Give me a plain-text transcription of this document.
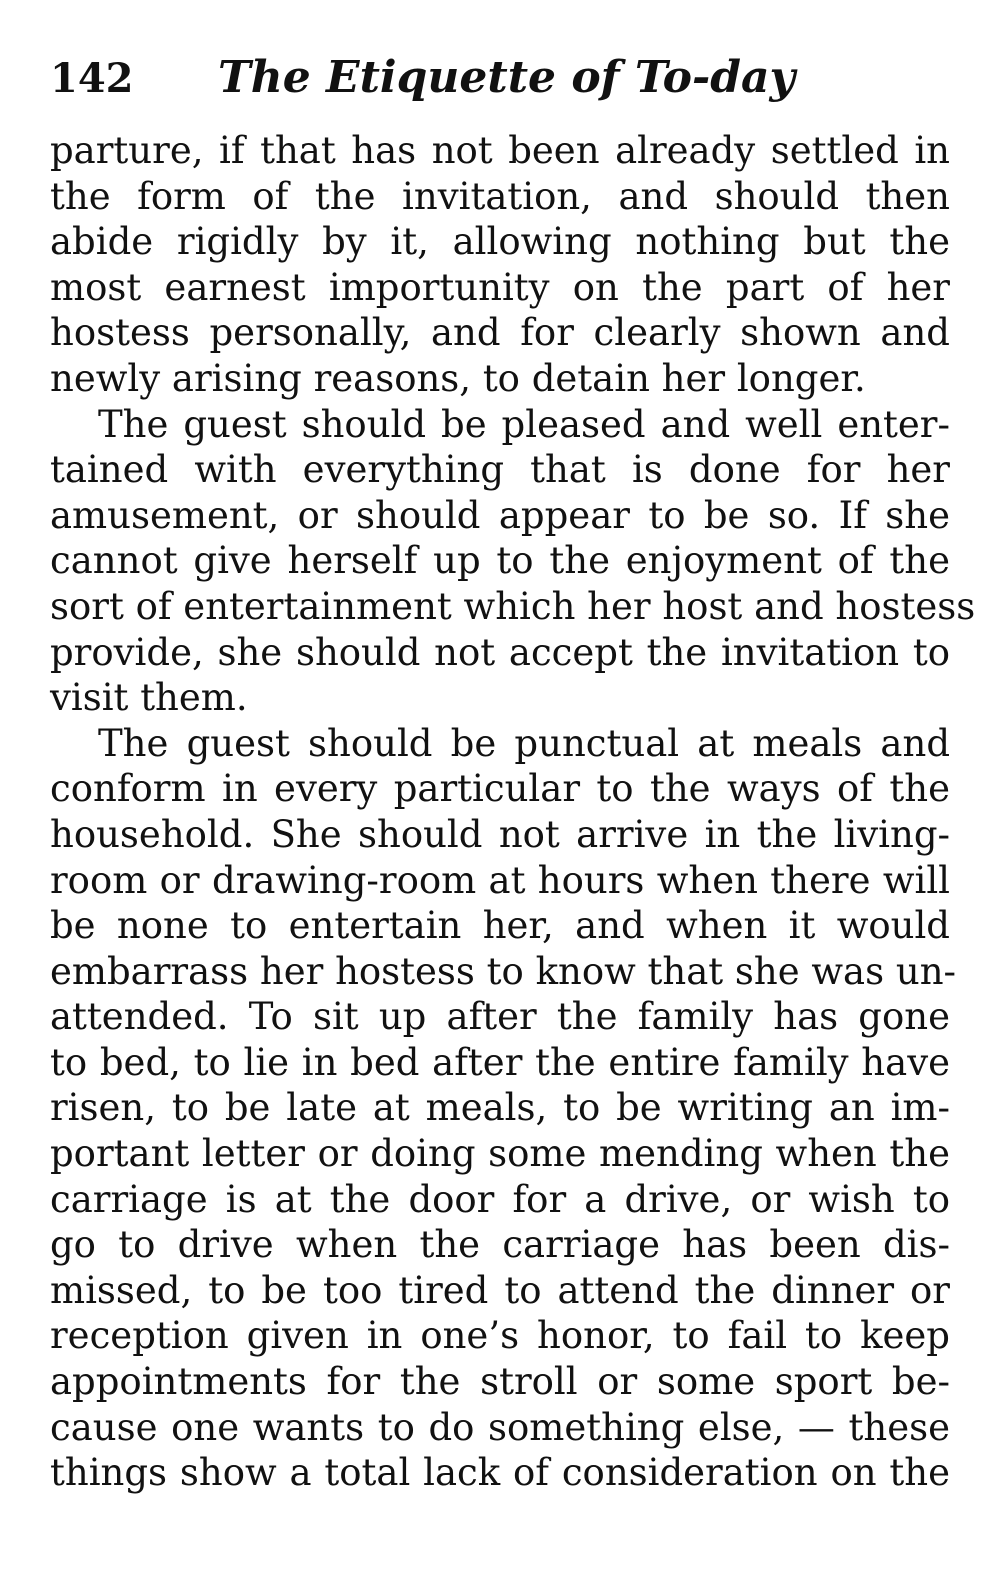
142	The Etiquette of To-day
parture, if that has not been already settled in
the form of the invitation, and should then
abide rigidly by it, allowing nothing but the
most earnest importunity on the part of her
hostess personally, and for clearly shown and
newly arising reasons, to detain her longer.
The guest should be pleased and well enter-
tained with everything that is done for her
amusement, or should appear to be so. If she
cannot give herself up to the enjoyment of the
sort of entertainment which her host and hostess
provide, she should not accept the invitation to
visit them.
The guest should be punctual at meals and
conform in every particular to the ways of the
household. She should not arrive in the living-
room or drawing-room at hours when there will
be none to entertain her, and when it would
embarrass her hostess to know that she was un-
attended. To sit up after the family has gone
to bed, to lie in bed after the entire family have
risen, to be late at meals, to be writing an im-
portant letter or doing some mending when the
carriage is at the door for a drive, or wish to
go to drive when the carriage has been dis-
missed, to be too tired to attend the dinner or
reception given in one’s honor, to fail to keep
appointments for the stroll or some sport be-
cause one wants to do something else, — these
things show a total lack of consideration on the
